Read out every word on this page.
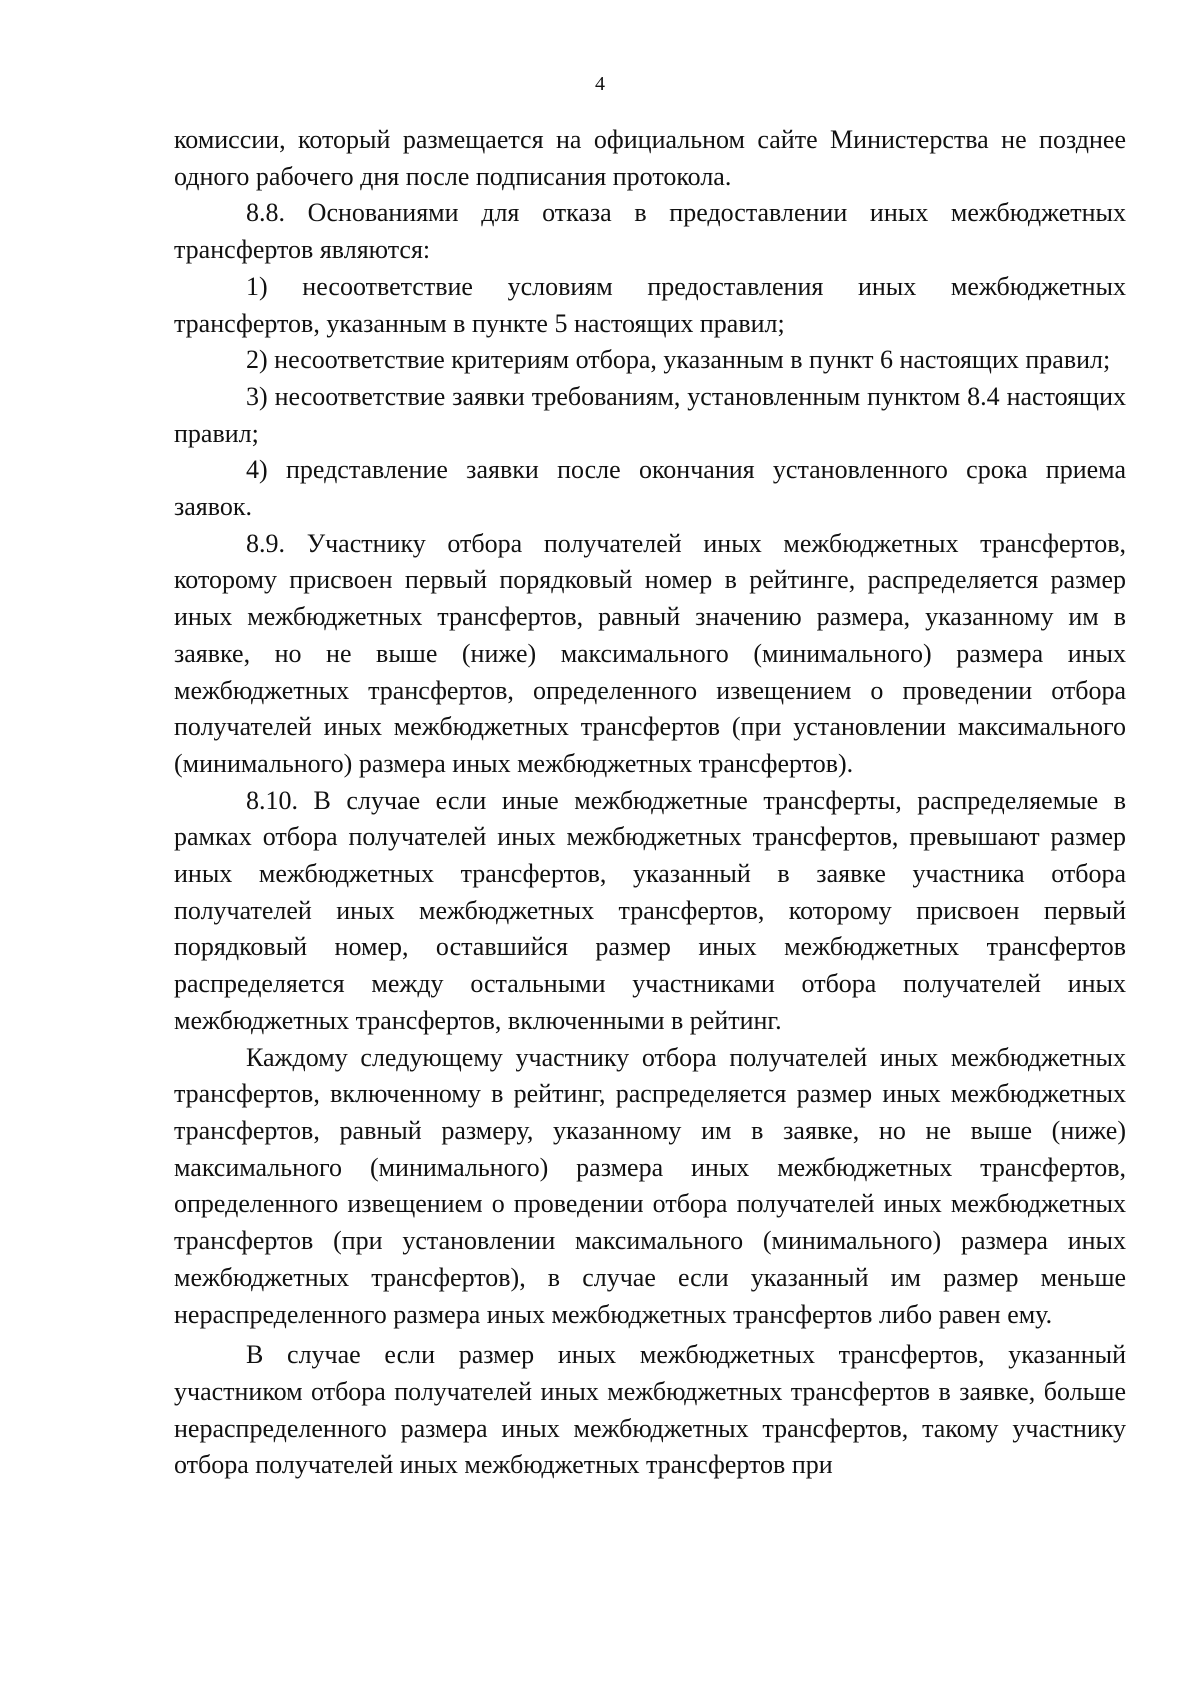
4

комиссии, который размещается на официальном сайте Министерства не позднее одного рабочего дня после подписания протокола.

8.8. Основаниями для отказа в предоставлении иных межбюджетных трансфертов являются:

1) несоответствие условиям предоставления иных межбюджетных трансфертов, указанным в пункте 5 настоящих правил;

2) несоответствие критериям отбора, указанным в пункт 6 настоящих правил;

3) несоответствие заявки требованиям, установленным пунктом 8.4 настоящих правил;

4) представление заявки после окончания установленного срока приема заявок.

8.9. Участнику отбора получателей иных межбюджетных трансфертов, которому присвоен первый порядковый номер в рейтинге, распределяется размер иных межбюджетных трансфертов, равный значению размера, указанному им в заявке, но не выше (ниже) максимального (минимального) размера иных межбюджетных трансфертов, определенного извещением о проведении отбора получателей иных межбюджетных трансфертов (при установлении максимального (минимального) размера иных межбюджетных трансфертов).

8.10. В случае если иные межбюджетные трансферты, распределяемые в рамках отбора получателей иных межбюджетных трансфертов, превышают размер иных межбюджетных трансфертов, указанный в заявке участника отбора получателей иных межбюджетных трансфертов, которому присвоен первый порядковый номер, оставшийся размер иных межбюджетных трансфертов распределяется между остальными участниками отбора получателей иных межбюджетных трансфертов, включенными в рейтинг.

Каждому следующему участнику отбора получателей иных межбюджетных трансфертов, включенному в рейтинг, распределяется размер иных межбюджетных трансфертов, равный размеру, указанному им в заявке, но не выше (ниже) максимального (минимального) размера иных межбюджетных трансфертов, определенного извещением о проведении отбора получателей иных межбюджетных трансфертов (при установлении максимального (минимального) размера иных межбюджетных трансфертов), в случае если указанный им размер меньше нераспределенного размера иных межбюджетных трансфертов либо равен ему.

В случае если размер иных межбюджетных трансфертов, указанный участником отбора получателей иных межбюджетных трансфертов в заявке, больше нераспределенного размера иных межбюджетных трансфертов, такому участнику отбора получателей иных межбюджетных трансфертов при
